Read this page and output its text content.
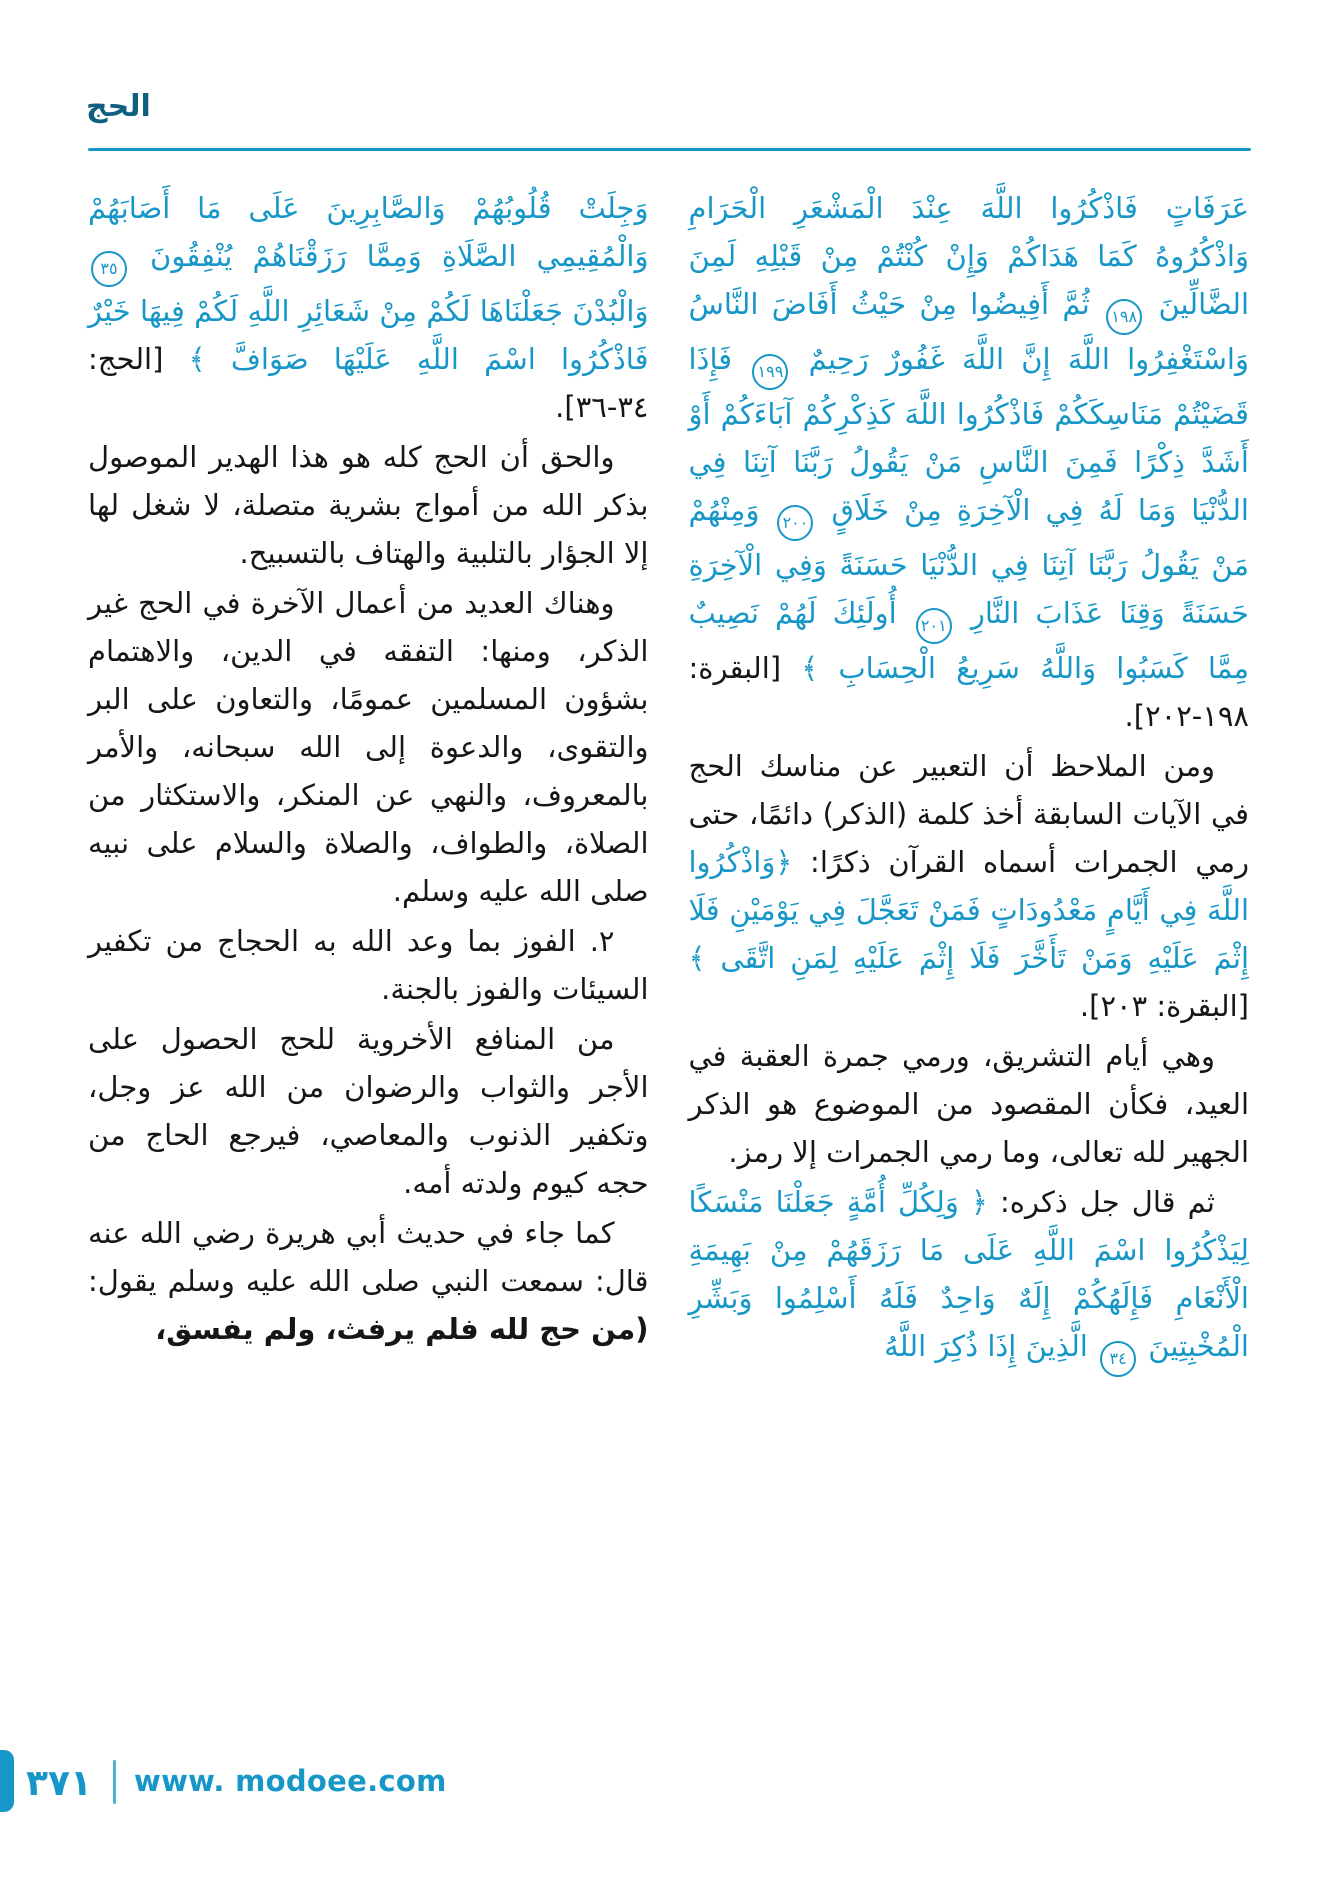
الحج

عَرَفَاتٍ فَاذْكُرُوا اللَّهَ عِنْدَ الْمَشْعَرِ الْحَرَامِ وَاذْكُرُوهُ كَمَا هَدَاكُمْ وَإِنْ كُنْتُمْ مِنْ قَبْلِهِ لَمِنَ الضَّالِّينَ ١٩٨ ثُمَّ أَفِيضُوا مِنْ حَيْثُ أَفَاضَ النَّاسُ وَاسْتَغْفِرُوا اللَّهَ إِنَّ اللَّهَ غَفُورٌ رَحِيمٌ ١٩٩ فَإِذَا قَضَيْتُمْ مَنَاسِكَكُمْ فَاذْكُرُوا اللَّهَ كَذِكْرِكُمْ آبَاءَكُمْ أَوْ أَشَدَّ ذِكْرًا فَمِنَ النَّاسِ مَنْ يَقُولُ رَبَّنَا آتِنَا فِي الدُّنْيَا وَمَا لَهُ فِي الْآخِرَةِ مِنْ خَلَاقٍ ٢٠٠ وَمِنْهُمْ مَنْ يَقُولُ رَبَّنَا آتِنَا فِي الدُّنْيَا حَسَنَةً وَفِي الْآخِرَةِ حَسَنَةً وَقِنَا عَذَابَ النَّارِ ٢٠١ أُولَئِكَ لَهُمْ نَصِيبٌ مِمَّا كَسَبُوا وَاللَّهُ سَرِيعُ الْحِسَابِ ﴾ [البقرة: ١٩٨-٢٠٢].

ومن الملاحظ أن التعبير عن مناسك الحج في الآيات السابقة أخذ كلمة (الذكر) دائمًا، حتى رمي الجمرات أسماه القرآن ذكرًا: ﴿وَاذْكُرُوا اللَّهَ فِي أَيَّامٍ مَعْدُودَاتٍ فَمَنْ تَعَجَّلَ فِي يَوْمَيْنِ فَلَا إِثْمَ عَلَيْهِ وَمَنْ تَأَخَّرَ فَلَا إِثْمَ عَلَيْهِ لِمَنِ اتَّقَى ﴾ [البقرة: ٢٠٣].

وهي أيام التشريق، ورمي جمرة العقبة في العيد، فكأن المقصود من الموضوع هو الذكر الجهير لله تعالى، وما رمي الجمرات إلا رمز.

ثم قال جل ذكره: ﴿ وَلِكُلِّ أُمَّةٍ جَعَلْنَا مَنْسَكًا لِيَذْكُرُوا اسْمَ اللَّهِ عَلَى مَا رَزَقَهُمْ مِنْ بَهِيمَةِ الْأَنْعَامِ فَإِلَهُكُمْ إِلَهٌ وَاحِدٌ فَلَهُ أَسْلِمُوا وَبَشِّرِ الْمُخْبِتِينَ ٣٤ الَّذِينَ إِذَا ذُكِرَ اللَّهُ

وَجِلَتْ قُلُوبُهُمْ وَالصَّابِرِينَ عَلَى مَا أَصَابَهُمْ وَالْمُقِيمِي الصَّلَاةِ وَمِمَّا رَزَقْنَاهُمْ يُنْفِقُونَ ٣٥ وَالْبُدْنَ جَعَلْنَاهَا لَكُمْ مِنْ شَعَائِرِ اللَّهِ لَكُمْ فِيهَا خَيْرٌ فَاذْكُرُوا اسْمَ اللَّهِ عَلَيْهَا صَوَافَّ ﴾ [الحج: ٣٤-٣٦].

والحق أن الحج كله هو هذا الهدير الموصول بذكر الله من أمواج بشرية متصلة، لا شغل لها إلا الجؤار بالتلبية والهتاف بالتسبيح.

وهناك العديد من أعمال الآخرة في الحج غير الذكر، ومنها: التفقه في الدين، والاهتمام بشؤون المسلمين عمومًا، والتعاون على البر والتقوى، والدعوة إلى الله سبحانه، والأمر بالمعروف، والنهي عن المنكر، والاستكثار من الصلاة، والطواف، والصلاة والسلام على نبيه صلى الله عليه وسلم.

٢. الفوز بما وعد الله به الحجاج من تكفير السيئات والفوز بالجنة.

من المنافع الأخروية للحج الحصول على الأجر والثواب والرضوان من الله عز وجل، وتكفير الذنوب والمعاصي، فيرجع الحاج من حجه كيوم ولدته أمه.

كما جاء في حديث أبي هريرة رضي الله عنه قال: سمعت النبي صلى الله عليه وسلم يقول: (من حج لله فلم يرفث، ولم يفسق،

٣٧١ www. modoee.com
